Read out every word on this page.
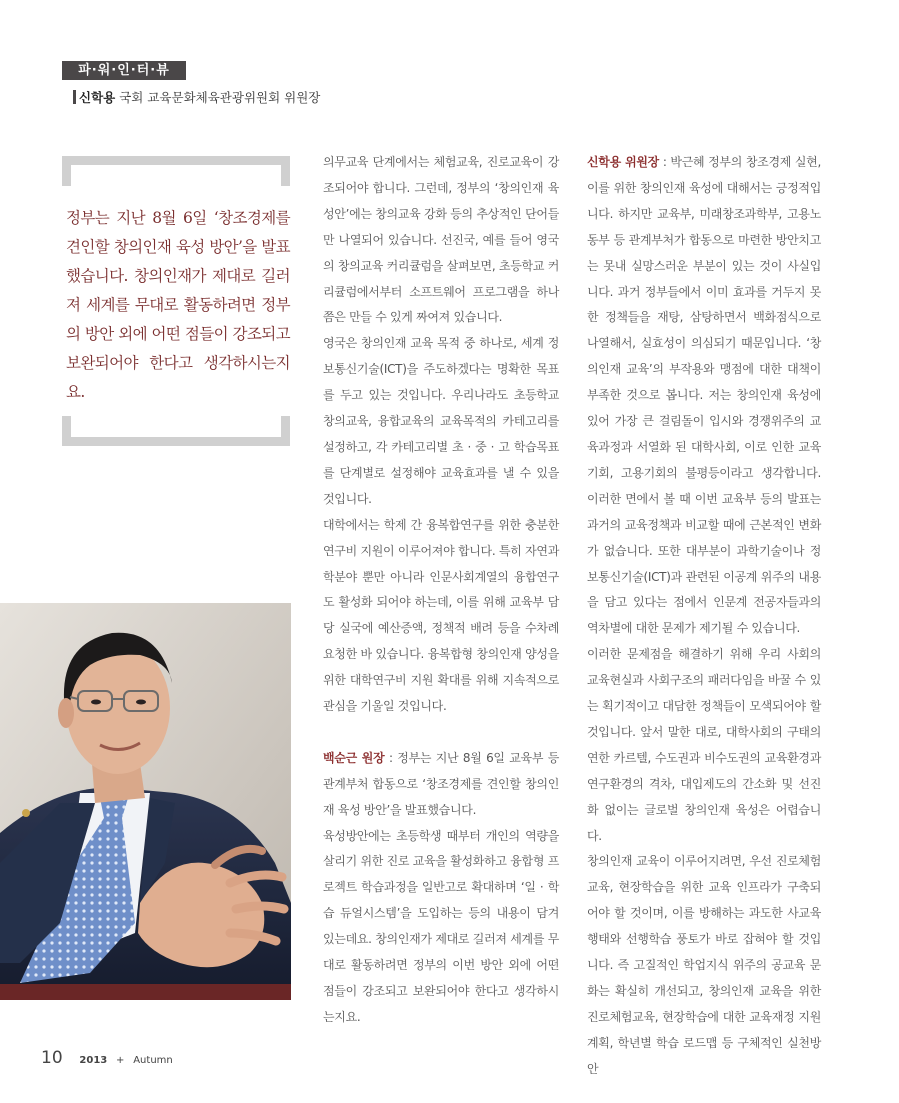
파·워·인·터·뷰
신학용 국회 교육문화체육관광위원회 위원장
정부는 지난 8월 6일 ‘창조경제를 견인할 창의인재 육성 방안’을 발표했습니다. 창의인재가 제대로 길러져 세계를 무대로 활동하려면 정부의 방안 외에 어떤 점들이 강조되고 보완되어야 한다고 생각하시는지요.

의무교육 단계에서는 체험교육, 진로교육이 강조되어야 합니다. 그런데, 정부의 ‘창의인재 육성안’에는 창의교육 강화 등의 추상적인 단어들만 나열되어 있습니다. 선진국, 예를 들어 영국의 창의교육 커리큘럼을 살펴보면, 초등학교 커리큘럼에서부터 소프트웨어 프로그램을 하나쯤은 만들 수 있게 짜여져 있습니다.

영국은 창의인재 교육 목적 중 하나로, 세계 정보통신기술(ICT)을 주도하겠다는 명확한 목표를 두고 있는 것입니다. 우리나라도 초등학교 창의교육, 융합교육의 교육목적의 카테고리를 설정하고, 각 카테고리별 초 · 중 · 고 학습목표를 단계별로 설정해야 교육효과를 낼 수 있을 것입니다.

대학에서는 학제 간 융복합연구를 위한 충분한 연구비 지원이 이루어져야 합니다. 특히 자연과학분야 뿐만 아니라 인문사회계열의 융합연구도 활성화 되어야 하는데, 이를 위해 교육부 담당 실국에 예산증액, 정책적 배려 등을 수차례 요청한 바 있습니다. 융복합형 창의인재 양성을 위한 대학연구비 지원 확대를 위해 지속적으로 관심을 기울일 것입니다.

백순근 원장 : 정부는 지난 8월 6일 교육부 등 관계부처 합동으로 ‘창조경제를 견인할 창의인재 육성 방안’을 발표했습니다.

육성방안에는 초등학생 때부터 개인의 역량을 살리기 위한 진로 교육을 활성화하고 융합형 프로젝트 학습과정을 일반고로 확대하며 ‘일 · 학습 듀얼시스템’을 도입하는 등의 내용이 담겨 있는데요. 창의인재가 제대로 길러져 세계를 무대로 활동하려면 정부의 이번 방안 외에 어떤 점들이 강조되고 보완되어야 한다고 생각하시는지요.

신학용 위원장 : 박근혜 정부의 창조경제 실현, 이를 위한 창의인재 육성에 대해서는 긍정적입니다. 하지만 교육부, 미래창조과학부, 고용노동부 등 관계부처가 합동으로 마련한 방안치고는 못내 실망스러운 부분이 있는 것이 사실입니다. 과거 정부들에서 이미 효과를 거두지 못한 정책들을 재탕, 삼탕하면서 백화점식으로 나열해서, 실효성이 의심되기 때문입니다. ‘창의인재 교육’의 부작용와 맹점에 대한 대책이 부족한 것으로 봅니다. 저는 창의인재 육성에 있어 가장 큰 걸림돌이 입시와 경쟁위주의 교육과정과 서열화 된 대학사회, 이로 인한 교육기회, 고용기회의 불평등이라고 생각합니다. 이러한 면에서 볼 때 이번 교육부 등의 발표는 과거의 교육정책과 비교할 때에 근본적인 변화가 없습니다. 또한 대부분이 과학기술이나 정보통신기술(ICT)과 관련된 이공계 위주의 내용을 담고 있다는 점에서 인문계 전공자들과의 역차별에 대한 문제가 제기될 수 있습니다.

이러한 문제점을 해결하기 위해 우리 사회의 교육현실과 사회구조의 패러다임을 바꿀 수 있는 획기적이고 대담한 정책들이 모색되어야 할 것입니다. 앞서 말한 대로, 대학사회의 구태의연한 카르텔, 수도권과 비수도권의 교육환경과 연구환경의 격차, 대입제도의 간소화 및 선진화 없이는 글로벌 창의인재 육성은 어렵습니다.

창의인재 교육이 이루어지려면, 우선 진로체험교육, 현장학습을 위한 교육 인프라가 구축되어야 할 것이며, 이를 방해하는 과도한 사교육 행태와 선행학습 풍토가 바로 잡혀야 할 것입니다. 즉 고질적인 학업지식 위주의 공교육 문화는 확실히 개선되고, 창의인재 교육을 위한 진로체험교육, 현장학습에 대한 교육재정 지원 계획, 학년별 학습 로드맵 등 구체적인 실천방안

10 2013 + Autumn
